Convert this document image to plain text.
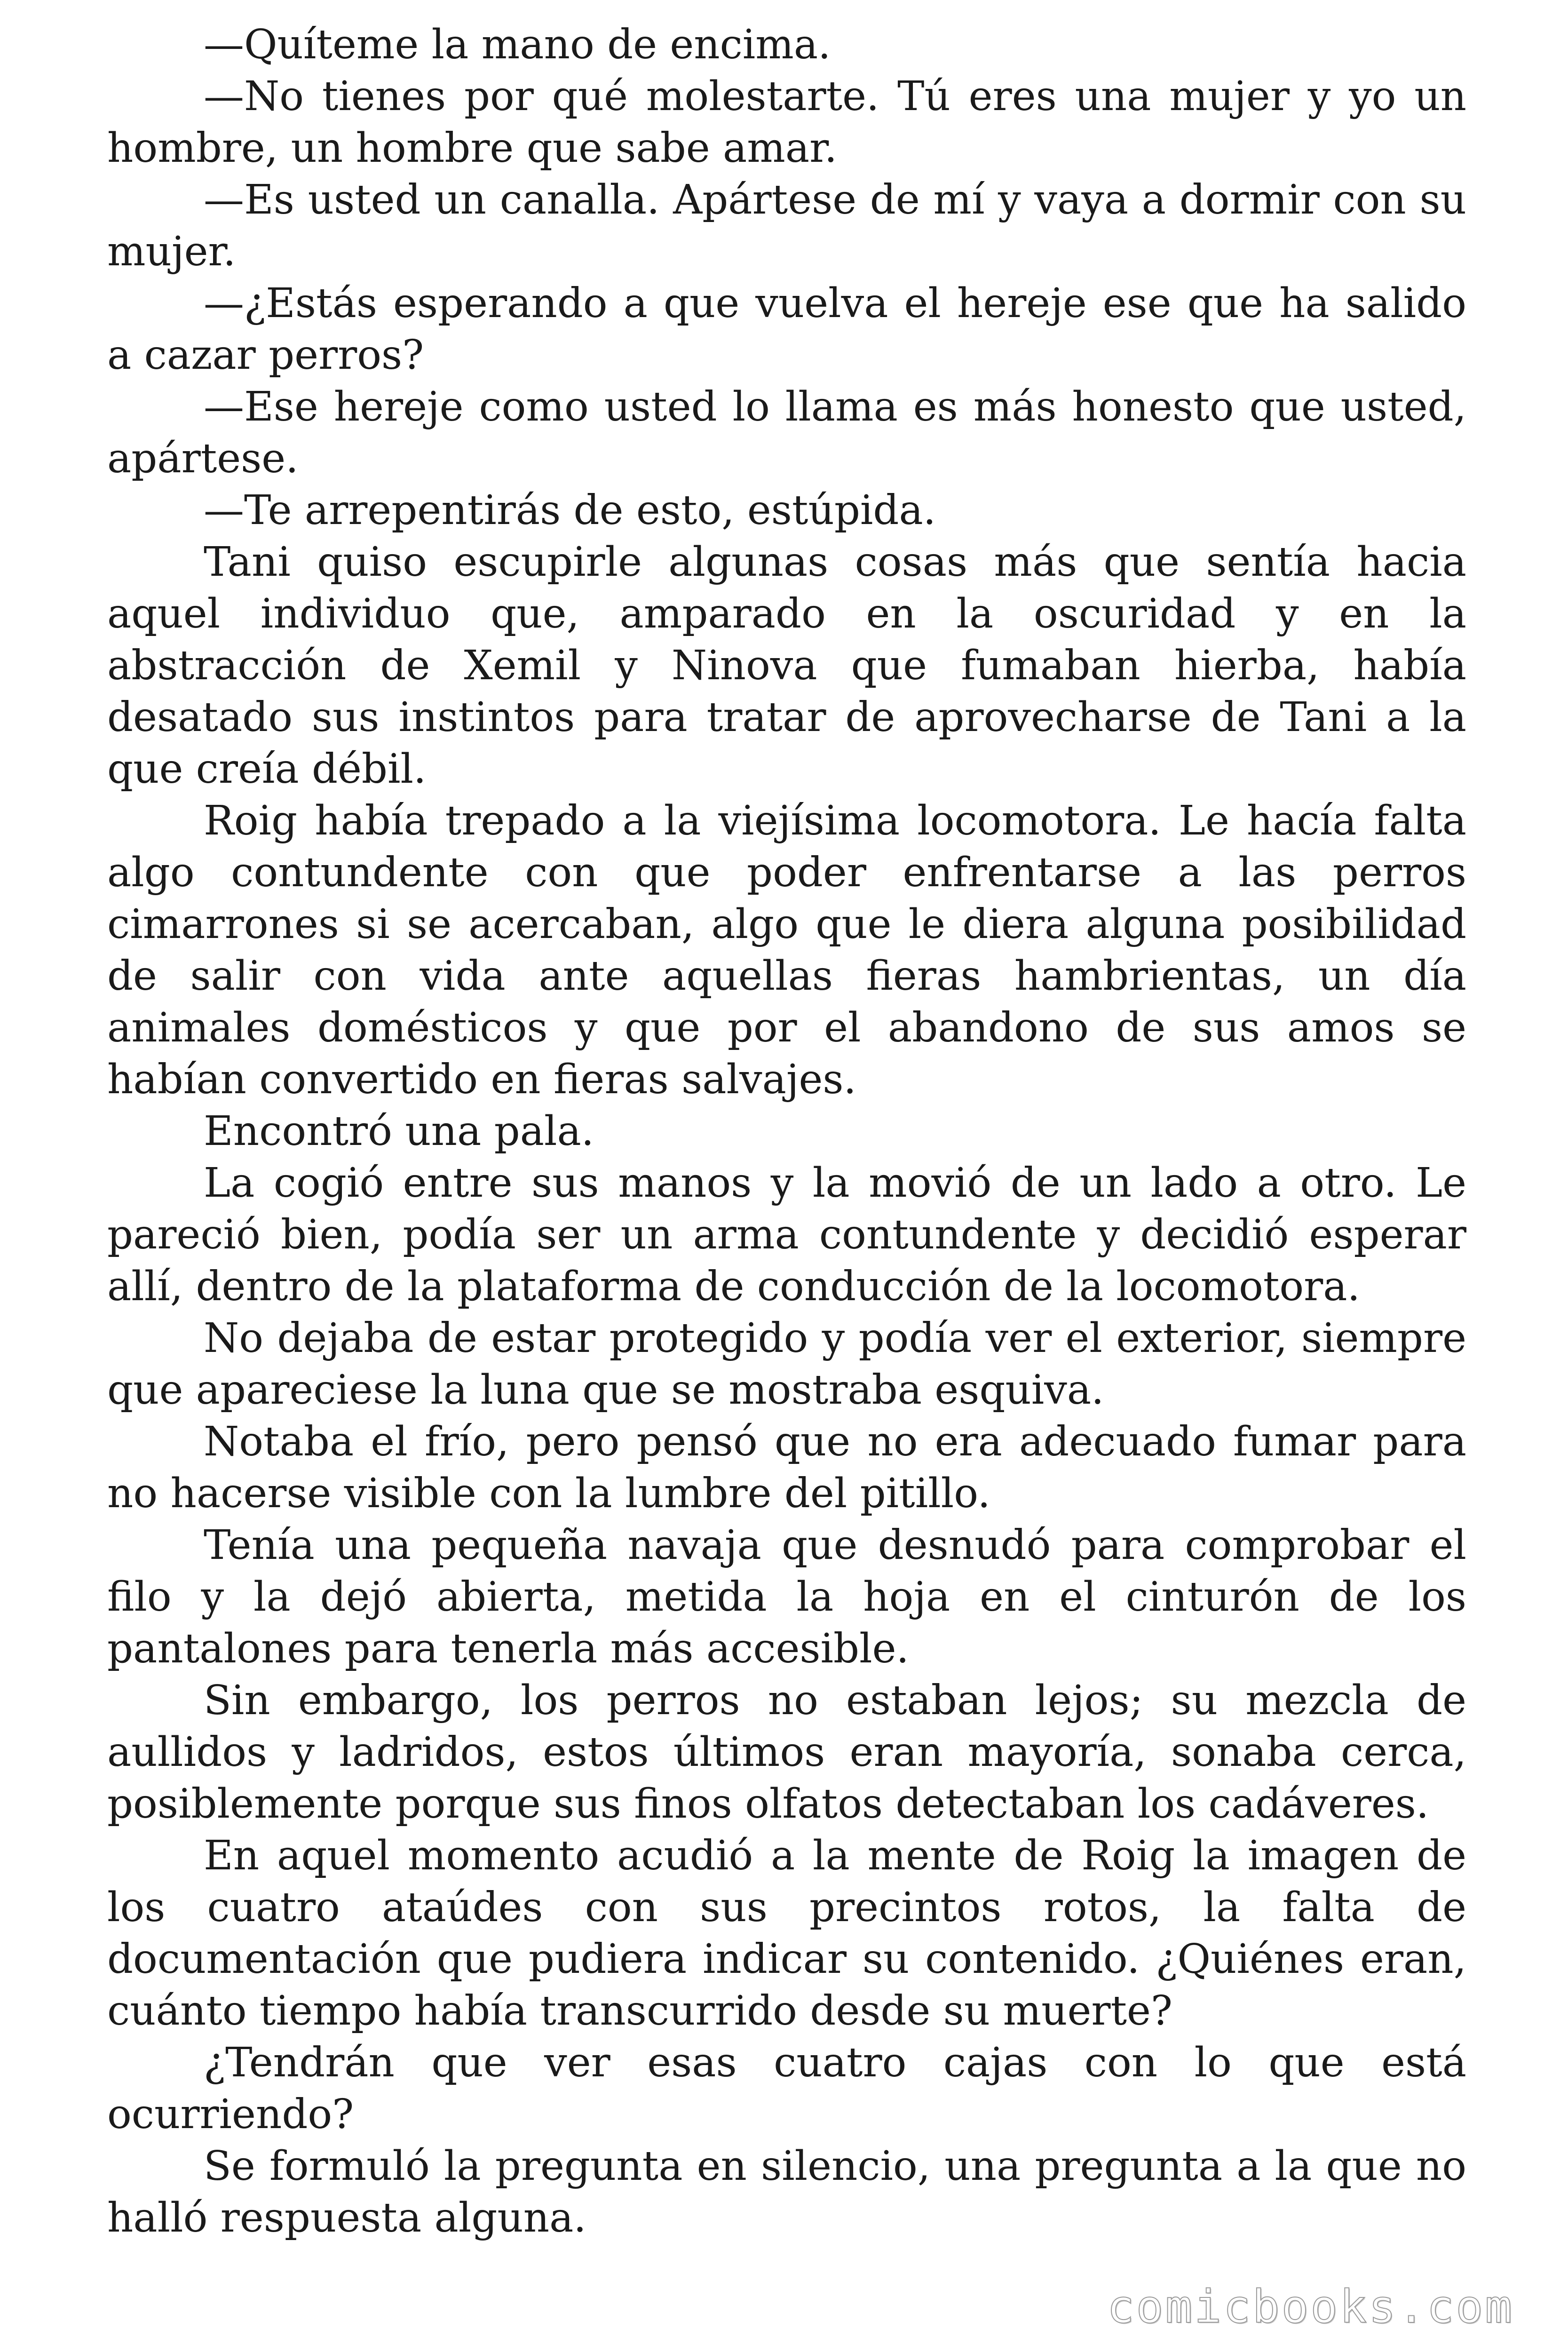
—Quíteme la mano de encima.

—No tienes por qué molestarte. Tú eres una mujer y yo un hombre, un hombre que sabe amar.

—Es usted un canalla. Apártese de mí y vaya a dormir con su mujer.

—¿Estás esperando a que vuelva el hereje ese que ha salido a cazar perros?

—Ese hereje como usted lo llama es más honesto que usted, apártese.

—Te arrepentirás de esto, estúpida.

Tani quiso escupirle algunas cosas más que sentía hacia aquel individuo que, amparado en la oscuridad y en la abstracción de Xemil y Ninova que fumaban hierba, había desatado sus instintos para tratar de aprovecharse de Tani a la que creía débil.

Roig había trepado a la viejísima locomotora. Le hacía falta algo contundente con que poder enfrentarse a las perros cimarrones si se acercaban, algo que le diera alguna posibilidad de salir con vida ante aquellas fieras hambrientas, un día animales domésticos y que por el abandono de sus amos se habían convertido en fieras salvajes.

Encontró una pala.

La cogió entre sus manos y la movió de un lado a otro. Le pareció bien, podía ser un arma contundente y decidió esperar allí, dentro de la plataforma de conducción de la locomotora.

No dejaba de estar protegido y podía ver el exterior, siempre que apareciese la luna que se mostraba esquiva.

Notaba el frío, pero pensó que no era adecuado fumar para no hacerse visible con la lumbre del pitillo.

Tenía una pequeña navaja que desnudó para comprobar el filo y la dejó abierta, metida la hoja en el cinturón de los pantalones para tenerla más accesible.

Sin embargo, los perros no estaban lejos; su mezcla de aullidos y ladridos, estos últimos eran mayoría, sonaba cerca, posiblemente porque sus finos olfatos detectaban los cadáveres.

En aquel momento acudió a la mente de Roig la imagen de los cuatro ataúdes con sus precintos rotos, la falta de documentación que pudiera indicar su contenido. ¿Quiénes eran, cuánto tiempo había transcurrido desde su muerte?

¿Tendrán que ver esas cuatro cajas con lo que está ocurriendo?

Se formuló la pregunta en silencio, una pregunta a la que no halló respuesta alguna.

comicbooks.com
